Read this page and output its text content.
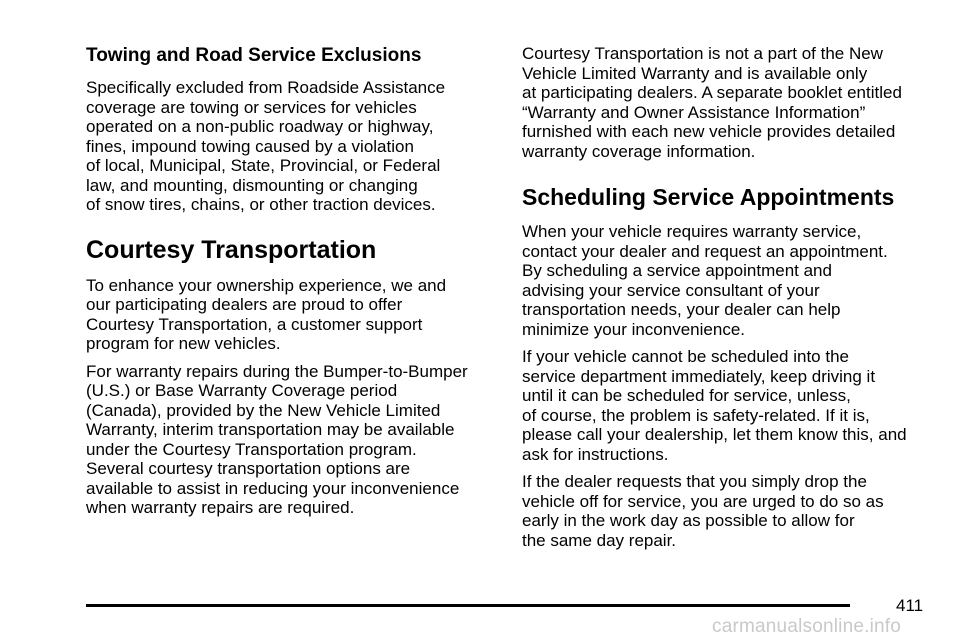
Towing and Road Service Exclusions

Specifically excluded from Roadside Assistance
coverage are towing or services for vehicles
operated on a non-public roadway or highway,
fines, impound towing caused by a violation
of local, Municipal, State, Provincial, or Federal
law, and mounting, dismounting or changing
of snow tires, chains, or other traction devices.

Courtesy Transportation

To enhance your ownership experience, we and
our participating dealers are proud to offer
Courtesy Transportation, a customer support
program for new vehicles.

For warranty repairs during the Bumper-to-Bumper
(U.S.) or Base Warranty Coverage period
(Canada), provided by the New Vehicle Limited
Warranty, interim transportation may be available
under the Courtesy Transportation program.
Several courtesy transportation options are
available to assist in reducing your inconvenience
when warranty repairs are required.

Courtesy Transportation is not a part of the New
Vehicle Limited Warranty and is available only
at participating dealers. A separate booklet entitled
“Warranty and Owner Assistance Information”
furnished with each new vehicle provides detailed
warranty coverage information.

Scheduling Service Appointments

When your vehicle requires warranty service,
contact your dealer and request an appointment.
By scheduling a service appointment and
advising your service consultant of your
transportation needs, your dealer can help
minimize your inconvenience.

If your vehicle cannot be scheduled into the
service department immediately, keep driving it
until it can be scheduled for service, unless,
of course, the problem is safety-related. If it is,
please call your dealership, let them know this, and
ask for instructions.

If the dealer requests that you simply drop the
vehicle off for service, you are urged to do so as
early in the work day as possible to allow for
the same day repair.

411
carmanualsonline.info
